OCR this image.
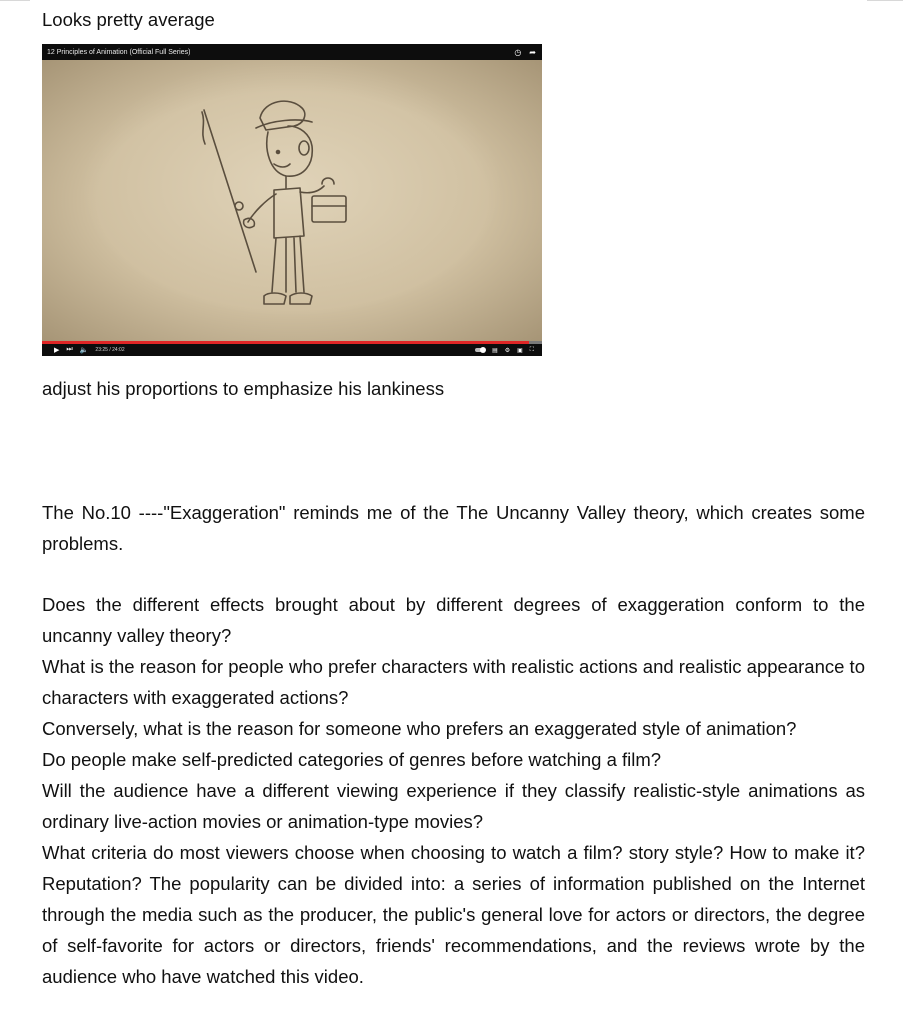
Looks pretty average

12 Principles of Animation (Official Full Series)	◷ ➦
▶ ⏭ 🔈 23:25 / 24:02	▤ ⚙ ▣ ⛶

adjust his proportions to emphasize his lankiness

The No.10 ----"Exaggeration" reminds me of the The Uncanny Valley theory, which creates some problems.

Does the different effects brought about by different degrees of exaggeration conform to the uncanny valley theory?

What is the reason for people who prefer characters with realistic actions and realistic appearance to characters with exaggerated actions?

Conversely, what is the reason for someone who prefers an exaggerated style of animation?

Do people make self-predicted categories of genres before watching a film?

Will the audience have a different viewing experience if they classify realistic-style animations as ordinary live-action movies or animation-type movies?

What criteria do most viewers choose when choosing to watch a film? story style? How to make it? Reputation? The popularity can be divided into: a series of information published on the Internet through the media such as the producer, the public's general love for actors or directors, the degree of self-favorite for actors or directors, friends' recommendations, and the reviews wrote by the audience who have watched this video.
